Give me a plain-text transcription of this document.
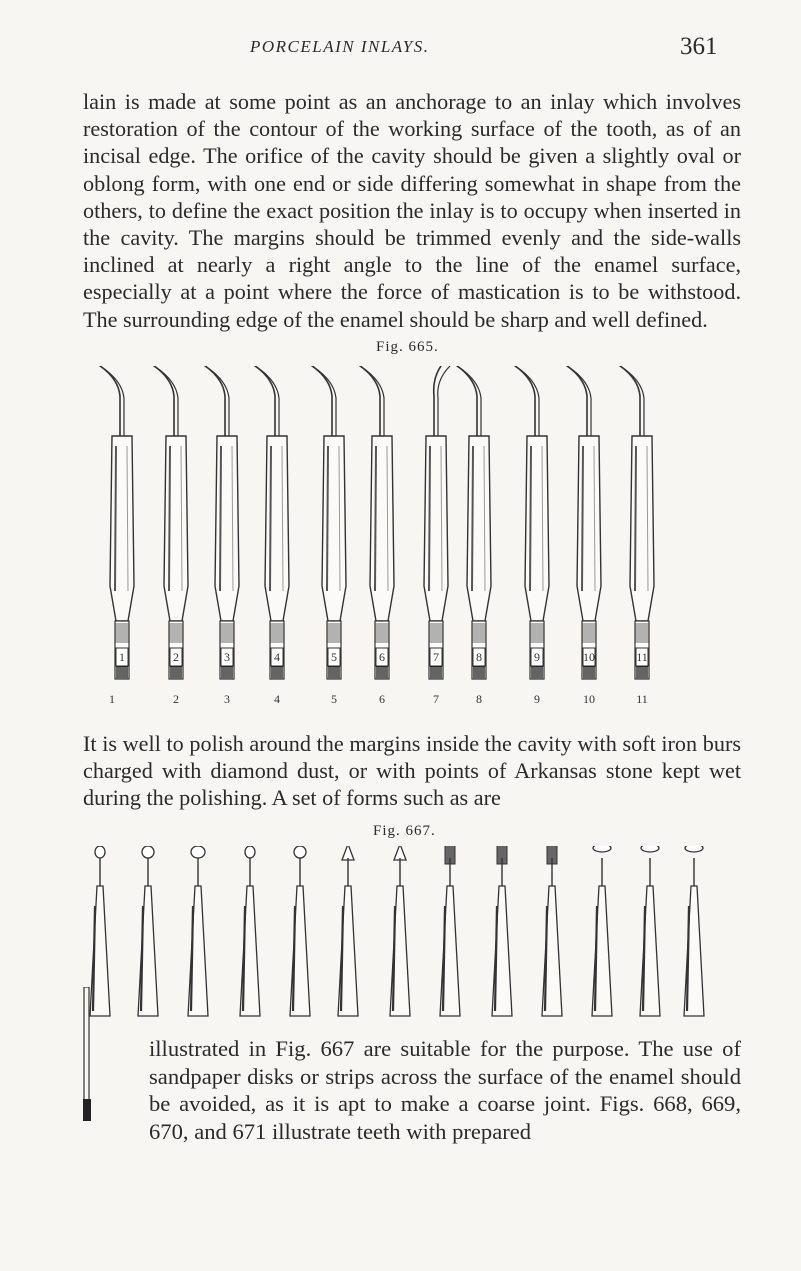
PORCELAIN INLAYS.	361

lain is made at some point as an anchorage to an inlay which involves restoration of the contour of the working surface of the tooth, as of an incisal edge. The orifice of the cavity should be given a slightly oval or oblong form, with one end or side differing somewhat in shape from the others, to define the exact position the inlay is to occupy when inserted in the cavity. The margins should be trimmed evenly and the side-walls inclined at nearly a right angle to the line of the enamel surface, especially at a point where the force of mastication is to be withstood. The surrounding edge of the enamel should be sharp and well defined.

Fig. 665.
1
1
2
2
3
3
4
4
5
5
6
6
7
7
8
8
9
9
10
10
11
11

It is well to polish around the margins inside the cavity with soft iron burs charged with diamond dust, or with points of Arkansas stone kept wet during the polishing. A set of forms such as are

Fig. 667.

illustrated in Fig. 667 are suitable for the purpose. The use of sandpaper disks or strips across the surface of the enamel should be avoided, as it is apt to make a coarse joint. Figs. 668, 669, 670, and 671 illustrate teeth with prepared
